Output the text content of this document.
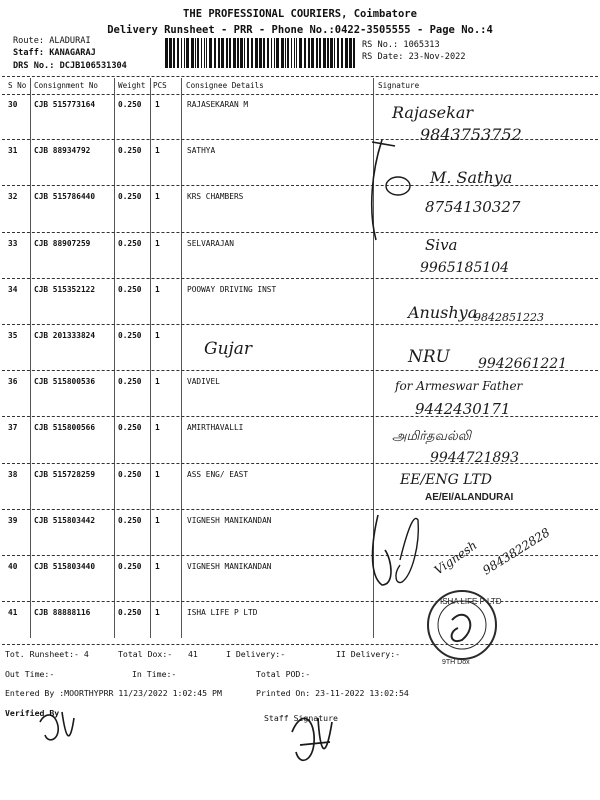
THE PROFESSIONAL COURIERS, Coimbatore
Delivery Runsheet - PRR - Phone No.:0422-3505555 - Page No.:4
Route: ALADURAI
Staff: KANAGARAJ
DRS No.: DCJB106531304
RS No.: 1065313
RS Date: 23-Nov-2022
S No Consignment No	Weight PCS	Consignee Details	Signature
30 CJB 515773164	0.250 1	RAJASEKARAN M
31 CJB 88934792	0.250 1	SATHYA
32 CJB 515786440	0.250 1	KRS CHAMBERS
33 CJB 88907259	0.250 1	SELVARAJAN
34 CJB 515352122	0.250 1	POOWAY DRIVING INST
35 CJB 201333824	0.250 1
36 CJB 515800536	0.250 1	VADIVEL
37 CJB 515800566	0.250 1	AMIRTHAVALLI
38 CJB 515728259	0.250 1	ASS ENG/ EAST
39 CJB 515803442	0.250 1	VIGNESH MANIKANDAN
40 CJB 515803440	0.250 1	VIGNESH MANIKANDAN
41 CJB 88888116	0.250 1	ISHA LIFE P LTD
Rajasekar
9843753752
M. Sathya
8754130327
Siva
9965185104
Anushya
9842851223
Gujar	NRU 9942661221
for Armeswar Father
9442430171
அமிர்தவல்லி
9944721893
EE/ENG LTD
AE/EI/ALANDURAI
Vignesh 9843822828
ISHA LIFE P LTD
9TH Dox
Tot. Runsheet:- 4	Total Dox:- 41	I Delivery:-	II Delivery:-
Out Time:-	In Time:-	Total POD:-
Entered By :MOORTHYPRR 11/23/2022 1:02:45 PM	Printed On: 23-11-2022 13:02:54
Verified By	Staff Signature
